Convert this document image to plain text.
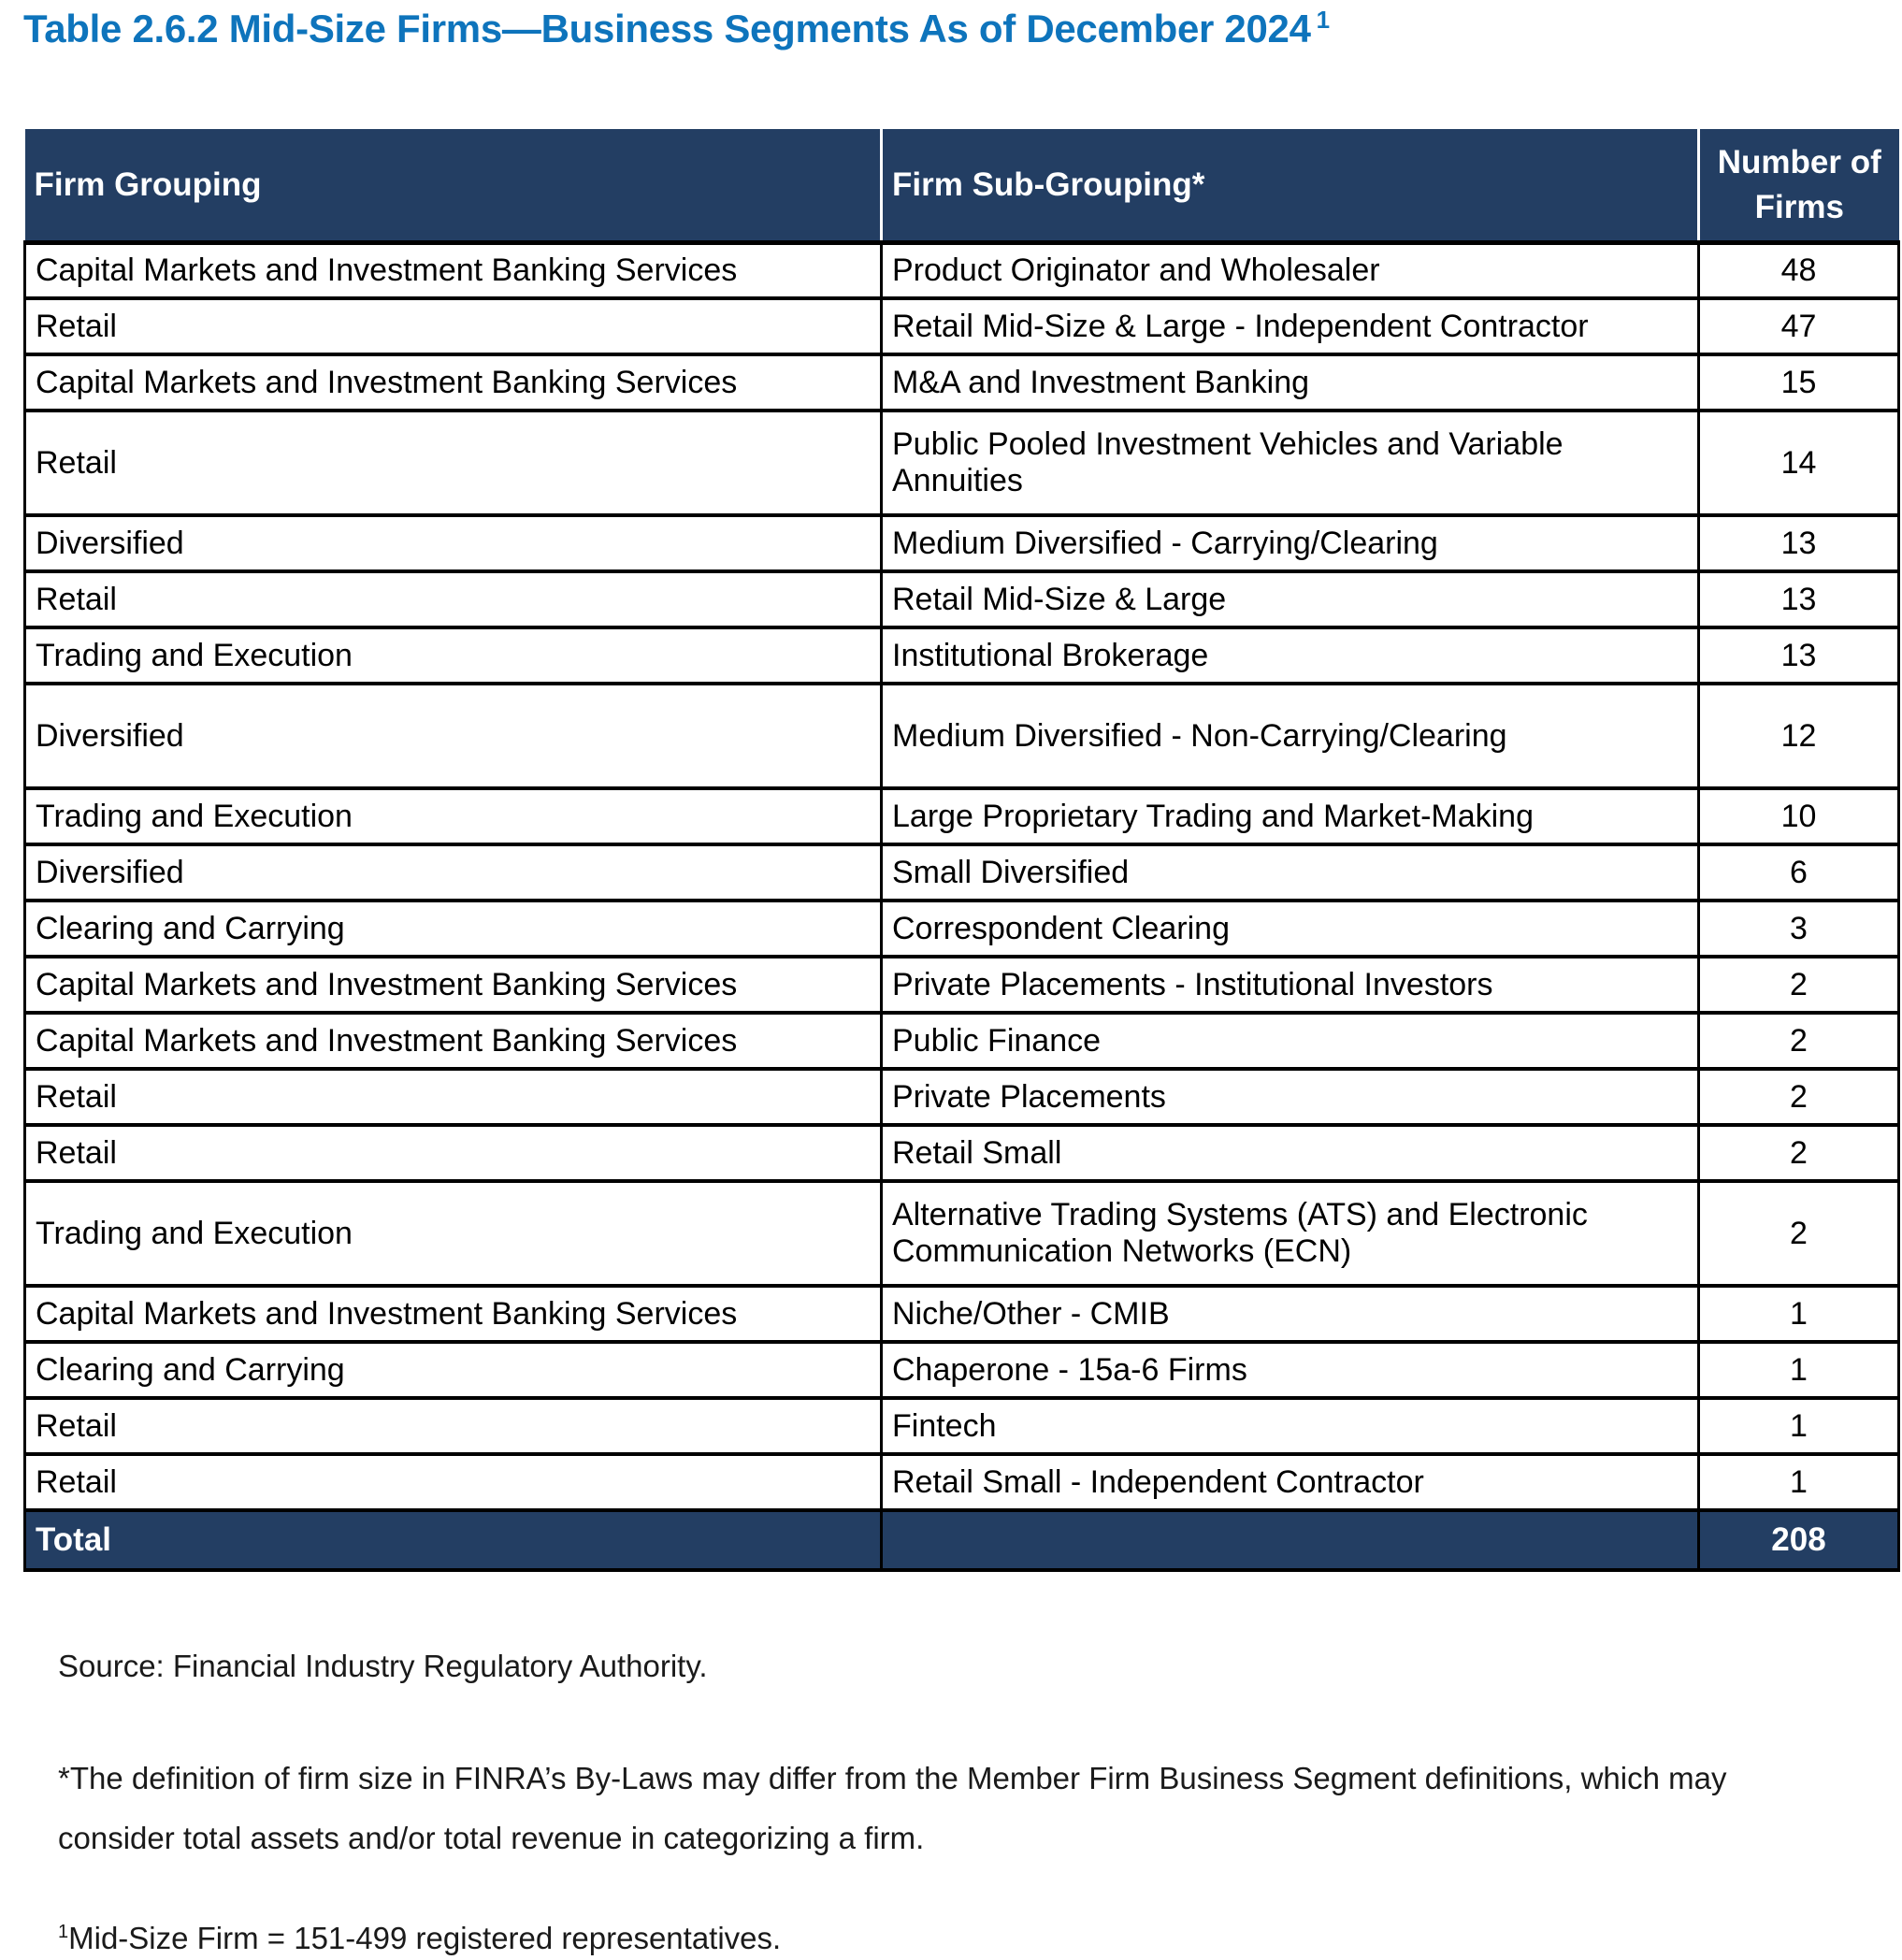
Table 2.6.2 Mid-Size Firms—Business Segments As of December 2024 $^1$
Firm Grouping	Firm Sub-Grouping*	Number of Firms
Capital Markets and Investment Banking Services	Product Originator and Wholesaler	48
Retail	Retail Mid-Size & Large - Independent Contractor	47
Capital Markets and Investment Banking Services	M&A and Investment Banking	15
Retail	Public Pooled Investment Vehicles and Variable Annuities	14
Diversified	Medium Diversified - Carrying/Clearing	13
Retail	Retail Mid-Size & Large	13
Trading and Execution	Institutional Brokerage	13
Diversified	Medium Diversified - Non-Carrying/Clearing	12
Trading and Execution	Large Proprietary Trading and Market-Making	10
Diversified	Small Diversified	6
Clearing and Carrying	Correspondent Clearing	3
Capital Markets and Investment Banking Services	Private Placements - Institutional Investors	2
Capital Markets and Investment Banking Services	Public Finance	2
Retail	Private Placements	2
Retail	Retail Small	2
Trading and Execution	Alternative Trading Systems (ATS) and Electronic Communication Networks (ECN)	2
Capital Markets and Investment Banking Services	Niche/Other - CMIB	1
Clearing and Carrying	Chaperone - 15a-6 Firms	1
Retail	Fintech	1
Retail	Retail Small - Independent Contractor	1
Total		208

Source: Financial Industry Regulatory Authority.

*The definition of firm size in FINRA’s By-Laws may differ from the Member Firm Business Segment definitions, which may consider total assets and/or total revenue in categorizing a firm.

$^1$Mid-Size Firm = 151-499 registered representatives.
